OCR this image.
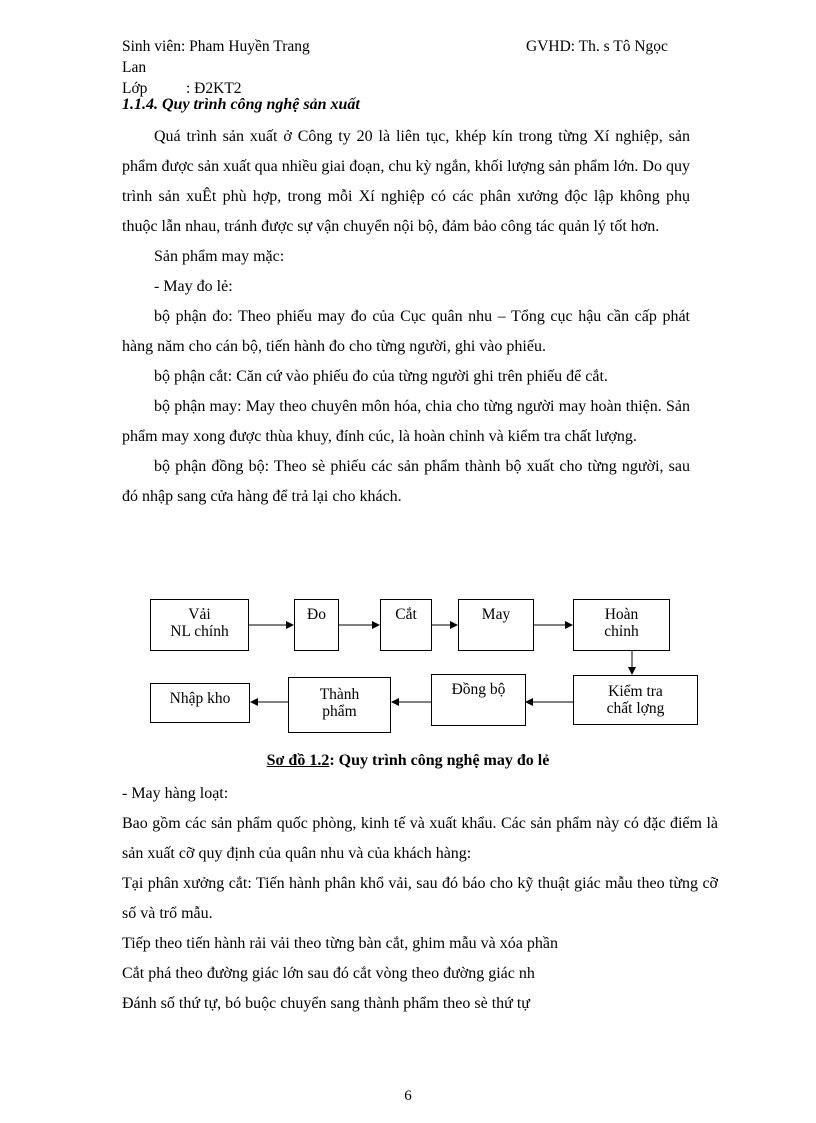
Sinh viên: Pham Huyền Trang	GVHD: Th. s Tô Ngọc
Lan
Lớp : Đ2KT2
1.1.4. Quy trình công nghệ sản xuất

Quá trình sản xuất ở Công ty 20 là liên tục, khép kín trong từng Xí nghiệp, sản phẩm được sản xuất qua nhiều giai đoạn, chu kỳ ngắn, khối lượng sản phẩm lớn. Do quy trình sản xuÊt phù hợp, trong mỗi Xí nghiệp có các phân xưởng độc lập không phụ thuộc lẫn nhau, tránh được sự vận chuyển nội bộ, đảm bảo công tác quản lý tốt hơn.

Sản phẩm may mặc:

- May đo lẻ:

bộ phận đo: Theo phiếu may đo của Cục quân nhu – Tổng cục hậu cần cấp phát hàng năm cho cán bộ, tiến hành đo cho từng người, ghi vào phiếu.

bộ phận cắt: Căn cứ vào phiếu đo của từng người ghi trên phiếu để cắt.

bộ phận may: May theo chuyên môn hóa, chia cho từng người may hoàn thiện. Sản phẩm may xong được thùa khuy, đính cúc, là hoàn chỉnh và kiểm tra chất lượng.

bộ phận đồng bộ: Theo sè phiếu các sản phẩm thành bộ xuất cho từng người, sau đó nhập sang cửa hàng để trả lại cho khách.

Vải
NL chính
Đo	Cắt	May	Hoàn
chỉnh
Nhập kho	Thành
phẩm
Đồng bộ	Kiểm tra
chất lợng
Sơ đồ 1.2: Quy trình công nghệ may đo lẻ

- May hàng loạt:

Bao gồm các sản phẩm quốc phòng, kinh tế và xuất khẩu. Các sản phẩm này có đặc điểm là sản xuất cỡ quy định của quân nhu và của khách hàng:

Tại phân xưởng cắt: Tiến hành phân khổ vải, sau đó báo cho kỹ thuật giác mẫu theo từng cỡ số và trổ mẫu.

Tiếp theo tiến hành rải vải theo từng bàn cắt, ghim mẫu và xóa phần

Cắt phá theo đường giác lớn sau đó cắt vòng theo đường giác nh

Đánh số thứ tự, bó buộc chuyển sang thành phẩm theo sè thứ tự

6
